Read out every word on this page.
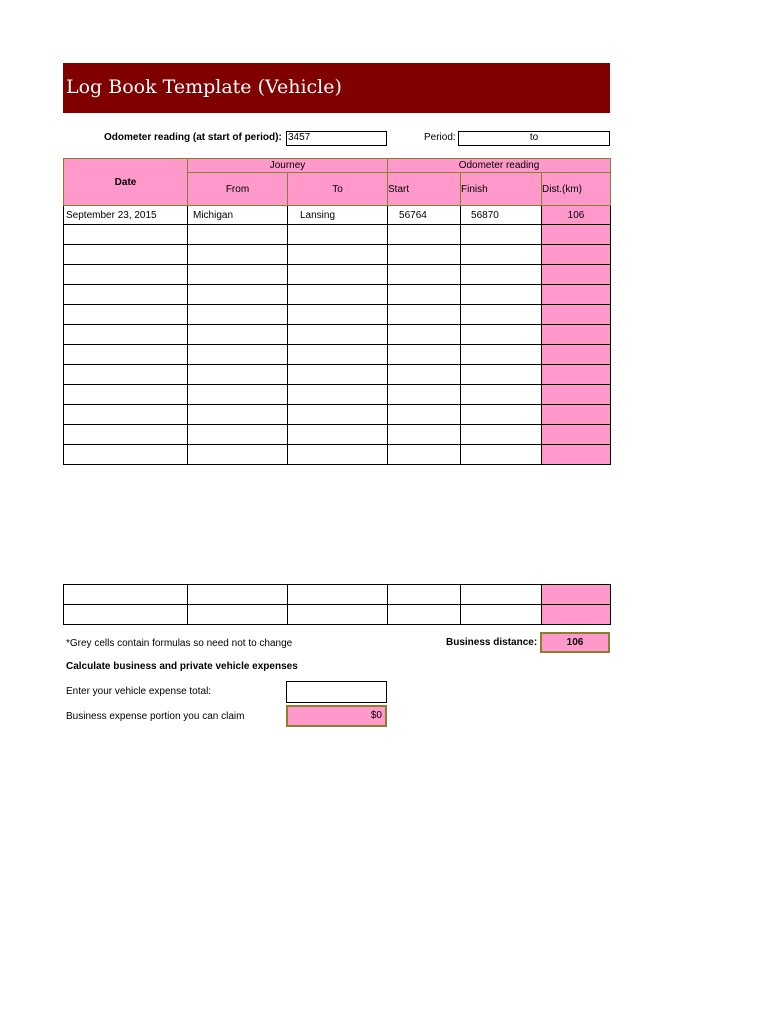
Log Book Template (Vehicle)
Odometer reading (at start of period): 3457	Period:	to
Date	Journey		Odometer reading		
	From	To	Start	Finish	Dist.(km)
September 23, 2015	Michigan	Lansing	56764	56870	106

*Grey cells contain formulas so need not to change	Business distance:	106
Calculate business and private vehicle expenses
Enter your vehicle expense total:
Business expense portion you can claim	$0
